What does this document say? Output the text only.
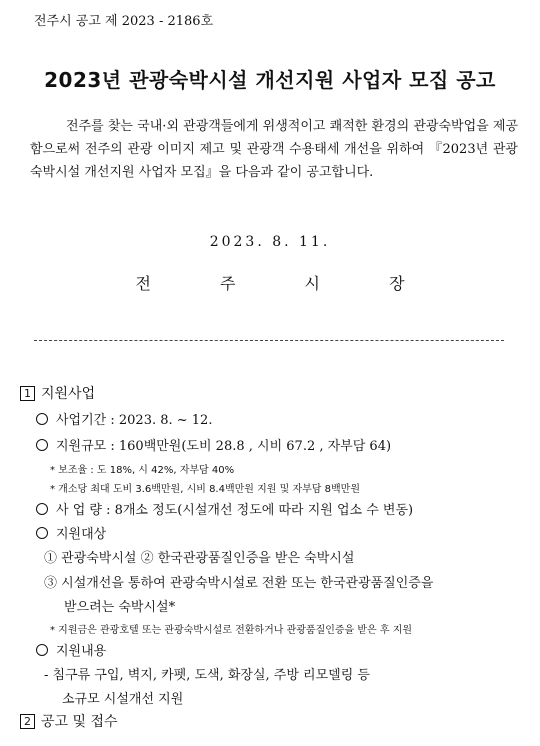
전주시 공고 제 2023 - 2186호
2023년 관광숙박시설 개선지원 사업자 모집 공고

전주를 찾는 국내·외 관광객들에게 위생적이고 쾌적한 환경의 관광숙박업을 제공함으로써 전주의 관광 이미지 제고 및 관광객 수용태세 개선을 위하여 『2023년 관광숙박시설 개선지원 사업자 모집』을 다음과 같이 공고합니다.

2023. 8. 11.
전 주 시 장
1 지원사업
사업기간 : 2023. 8. ~ 12.
지원규모 : 160백만원(도비 28.8 , 시비 67.2 , 자부담 64)
* 보조율 : 도 18%, 시 42%, 자부담 40%
* 개소당 최대 도비 3.6백만원, 시비 8.4백만원 지원 및 자부담 8백만원
사 업 량 : 8개소 정도(시설개선 정도에 따라 지원 업소 수 변동)
지원대상
① 관광숙박시설 ② 한국관광품질인증을 받은 숙박시설
③ 시설개선을 통하여 관광숙박시설로 전환 또는 한국관광품질인증을
받으려는 숙박시설*
* 지원금은 관광호텔 또는 관광숙박시설로 전환하거나 관광품질인증을 받은 후 지원
지원내용
- 침구류 구입, 벽지, 카펫, 도색, 화장실, 주방 리모델링 등
소규모 시설개선 지원
2 공고 및 접수
